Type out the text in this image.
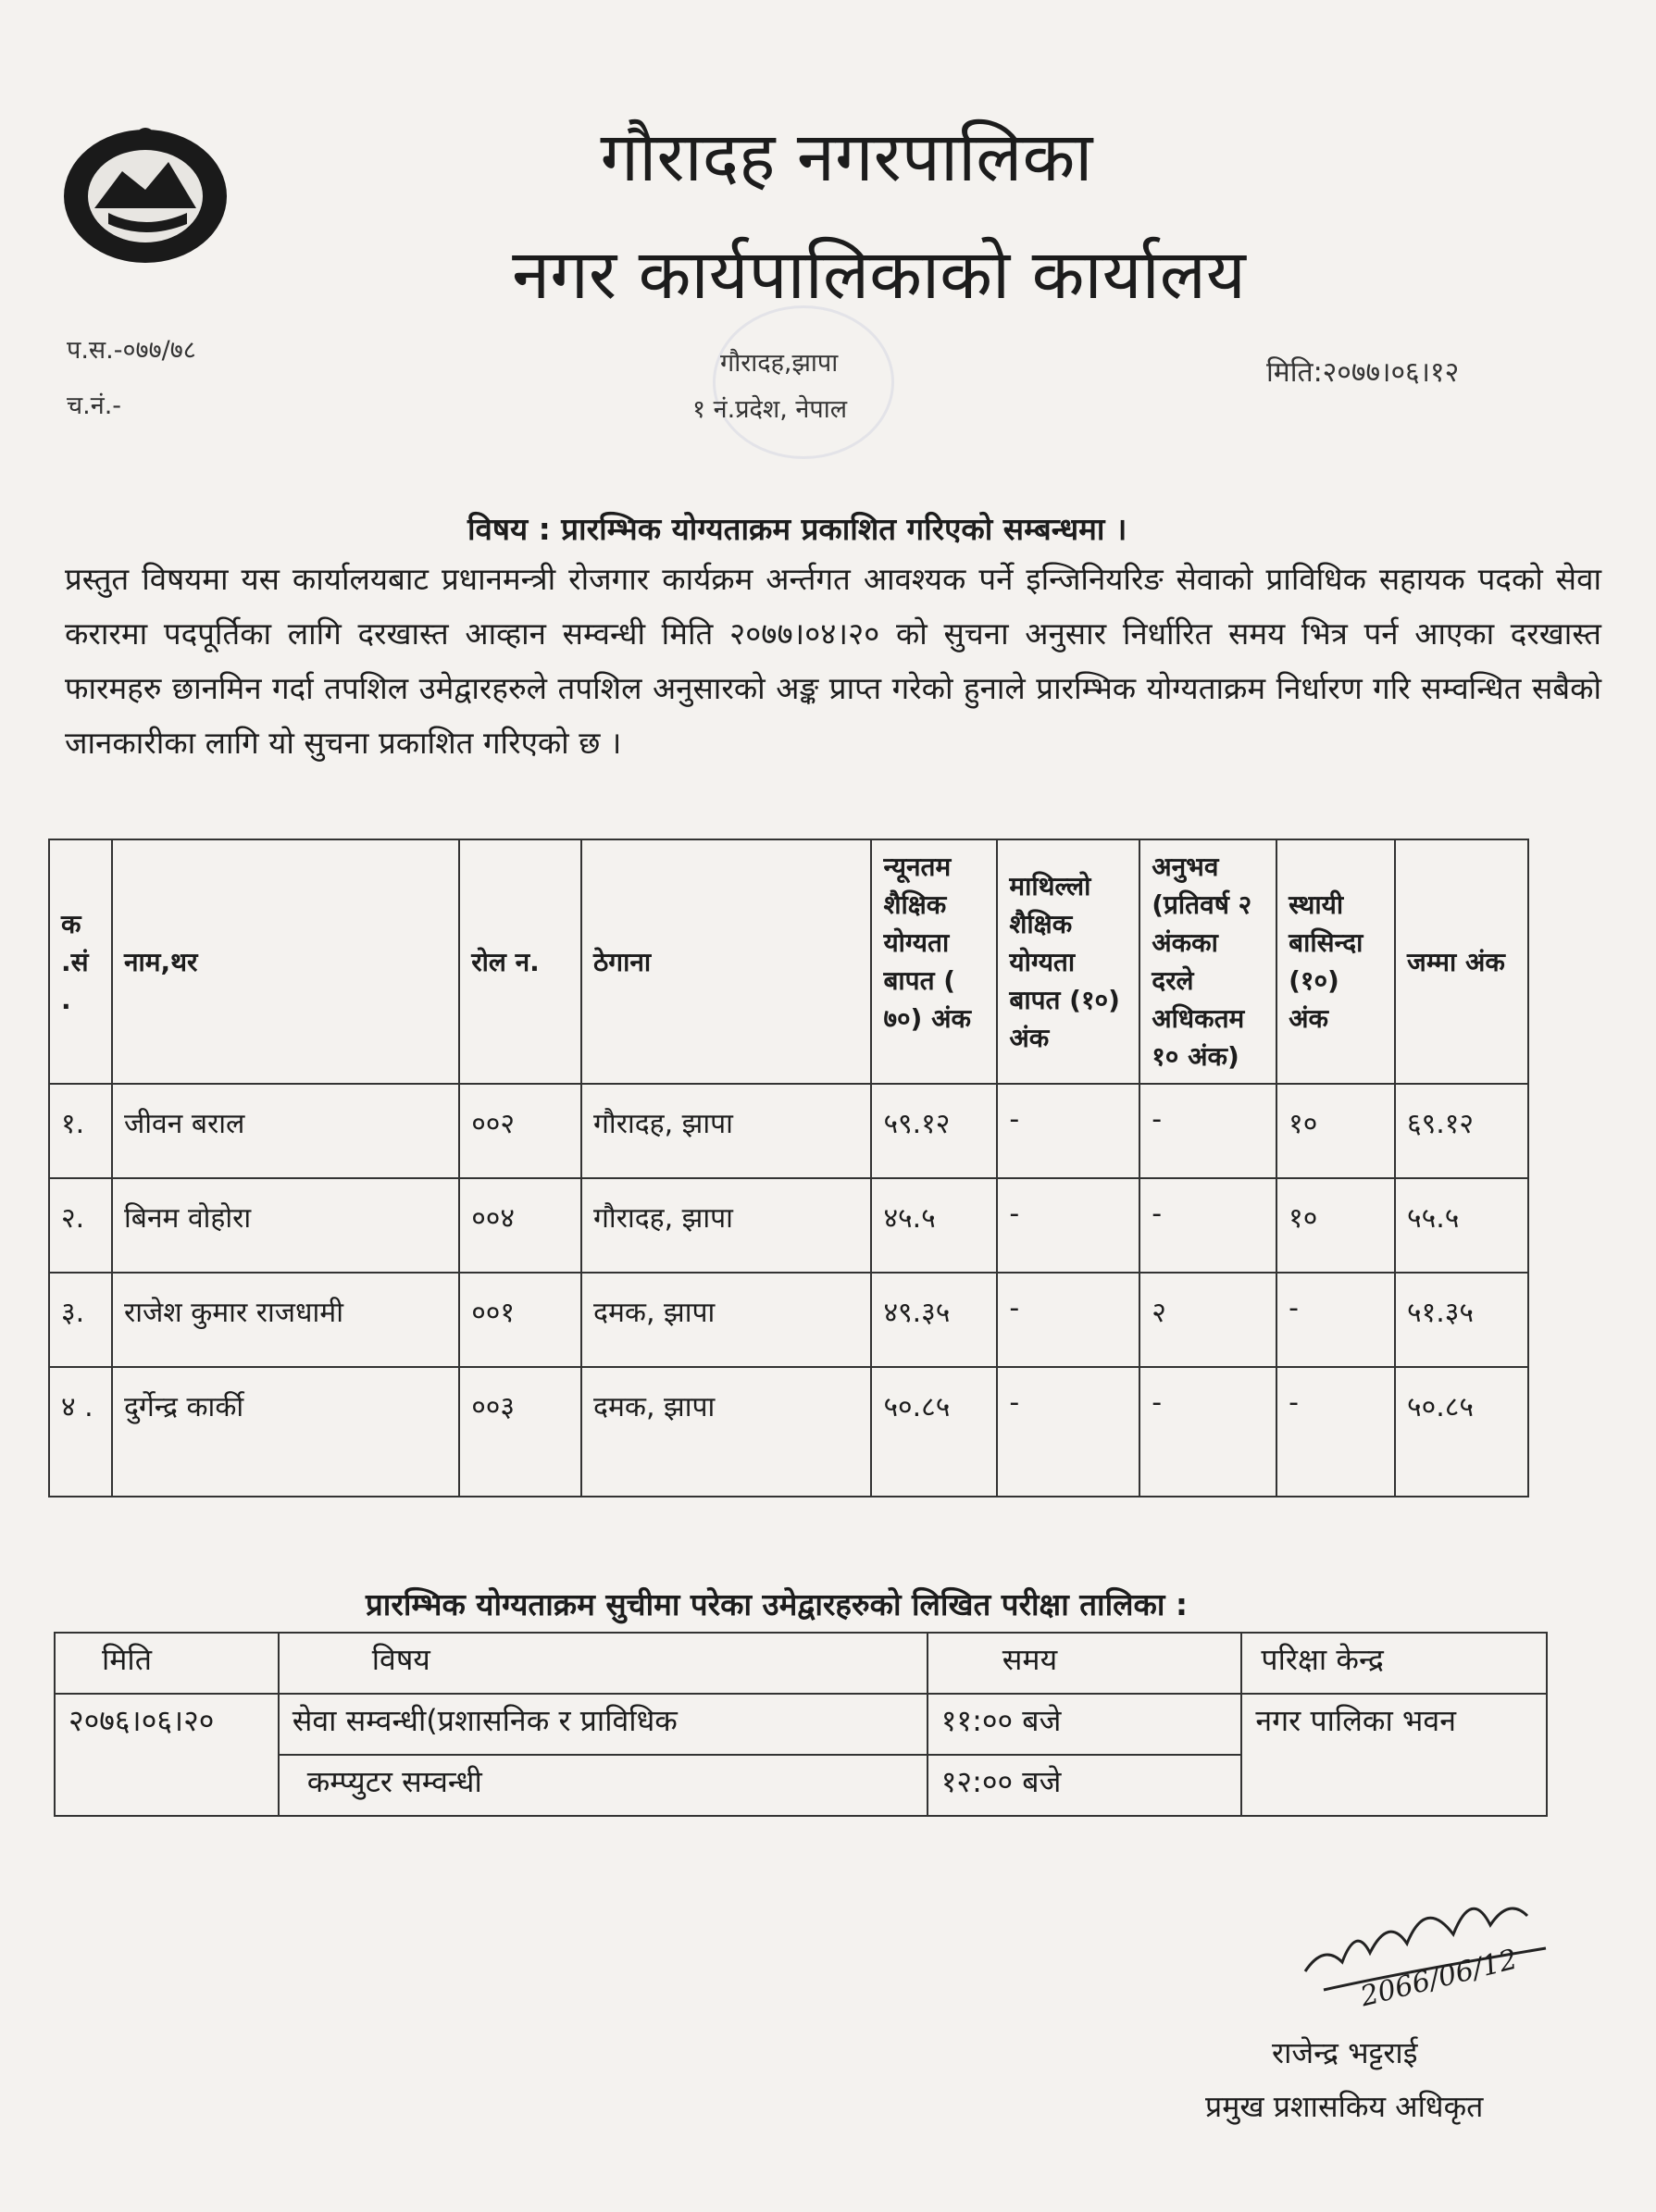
गौरादह नगरपालिका
नगर कार्यपालिकाको कार्यालय
प.स.-०७७/७८
च.नं.-
गौरादह,झापा
१ नं.प्रदेश, नेपाल
मिति:२०७७।०६।१२
विषय : प्रारम्भिक योग्यताक्रम प्रकाशित गरिएको सम्बन्धमा ।
प्रस्तुत विषयमा यस कार्यालयबाट प्रधानमन्त्री रोजगार कार्यक्रम अर्न्तगत आवश्यक पर्ने इन्जिनियरिङ सेवाको प्राविधिक सहायक पदको सेवा करारमा पदपूर्तिका लागि दरखास्त आव्हान सम्वन्धी मिति २०७७।०४।२० को सुचना अनुसार निर्धारित समय भित्र पर्न आएका दरखास्त फारमहरु छानमिन गर्दा तपशिल उमेद्वारहरुले तपशिल अनुसारको अङ्क प्राप्त गरेको हुनाले प्रारम्भिक योग्यताक्रम निर्धारण गरि सम्वन्धित सबैको जानकारीका लागि यो सुचना प्रकाशित गरिएको छ ।
क .सं .	नाम,थर	रोल न.	ठेगाना	न्यूनतम शैक्षिक योग्यता बापत ( ७०) अंक	माथिल्लो शैक्षिक योग्यता बापत (१०) अंक	अनुभव (प्रतिवर्ष २ अंकका दरले अधिकतम १० अंक)	स्थायी बासिन्दा (१०) अंक	जम्मा अंक
१.	जीवन बराल	००२	गौरादह, झापा	५९.१२	-	-	१०	६९.१२
२.	बिनम वोहोरा	००४	गौरादह, झापा	४५.५	-	-	१०	५५.५
३.	राजेश कुमार राजधामी	००१	दमक, झापा	४९.३५	-	२	-	५१.३५
४ .	दुर्गेन्द्र कार्की	००३	दमक, झापा	५०.८५	-	-	-	५०.८५
प्रारम्भिक योग्यताक्रम सुचीमा परेका उमेद्वारहरुको लिखित परीक्षा तालिका :
मिति	विषय	समय	परिक्षा केन्द्र
२०७६।०६।२०	सेवा सम्वन्धी(प्रशासनिक र प्राविधिक	११:०० बजे	नगर पालिका भवन
	कम्प्युटर सम्वन्धी	१२:०० बजे	
2066/06/12
राजेन्द्र भट्टराई
प्रमुख प्रशासकिय अधिकृत
